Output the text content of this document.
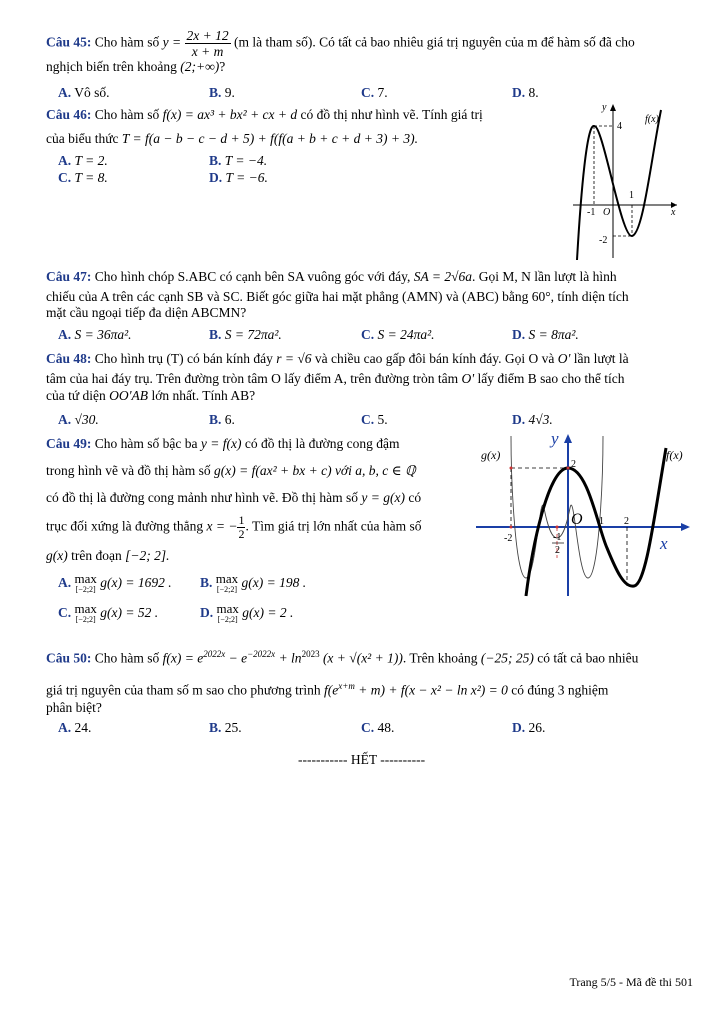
Câu 45: Cho hàm số $y = \frac{2x + 12}{x + m} (m$ là tham số). Có tất cả bao nhiêu giá trị nguyên của m để hàm số đã cho
nghịch biến trên khoảng (2;+∞)?
A. Vô số.	B. 9.	C. 7.	D. 8.
Câu 46: Cho hàm số f(x) = ax³ + bx² + cx + d có đồ thị như hình vẽ. Tính giá trị
của biểu thức T = f(a − b − c − d + 5) + f(f(a + b + c + d + 3) + 3).
A. T = 2.	B. T = −4.
C. T = 8.	D. T = −6.
y
x
f(x)
O
4
1
-1
-2
Câu 47: Cho hình chóp S.ABC có cạnh bên SA vuông góc với đáy, SA = 2√6a. Gọi M, N lần lượt là hình
chiếu của A trên các cạnh SB và SC. Biết góc giữa hai mặt phẳng (AMN) và (ABC) bằng 60°, tính diện tích
mặt cầu ngoại tiếp đa diện ABCMN?
A. S = 36πa².	B. S = 72πa².	C. S = 24πa².	D. S = 8πa².
Câu 48: Cho hình trụ (T) có bán kính đáy r = √6 và chiều cao gấp đôi bán kính đáy. Gọi O và O' lần lượt là
tâm của hai đáy trụ. Trên đường tròn tâm O lấy điểm A, trên đường tròn tâm O' lấy điểm B sao cho thể tích
của tứ diện OO'AB lớn nhất. Tính AB?
A. √30.	B. 6.	C. 5.	D. 4√3.
Câu 49: Cho hàm số bậc ba y = f(x) có đồ thị là đường cong đậm
trong hình vẽ và đồ thị hàm số g(x) = f(ax² + bx + c) với a, b, c ∈ ℚ
có đồ thị là đường cong mảnh như hình vẽ. Đồ thị hàm số y = g(x) có
trục đối xứng là đường thẳng x = − $\frac{1}{2}$ . Tìm giá trị lớn nhất của hàm số
g(x) trên đoạn [−2; 2].
A. max
[−2;2] g(x) = 1692 . B. max
[−2;2] g(x) = 198 .
C. max
[−2;2] g(x) = 52 .	D. max
[−2;2] g(x) = 2 .
g(x)	f(x)
y
x
O 1 2
2
-2	-1
2
Câu 50: Cho hàm số $f(x) = e^{2022x} - e^{-2022x} + \ln^{2023} (x + √(x^2 + 1))$. Trên khoảng (−25; 25) có tất cả bao nhiêu
giá trị nguyên của tham số m sao cho phương trình $f(e^{x+m} + m) + f(x - x^2 - \ln x^2) = 0$ có đúng 3 nghiệm
phân biệt?
A. 24.	B. 25.	C. 48.	D. 26.
----------- HẾT ----------
Trang 5/5 - Mã đề thi 501
